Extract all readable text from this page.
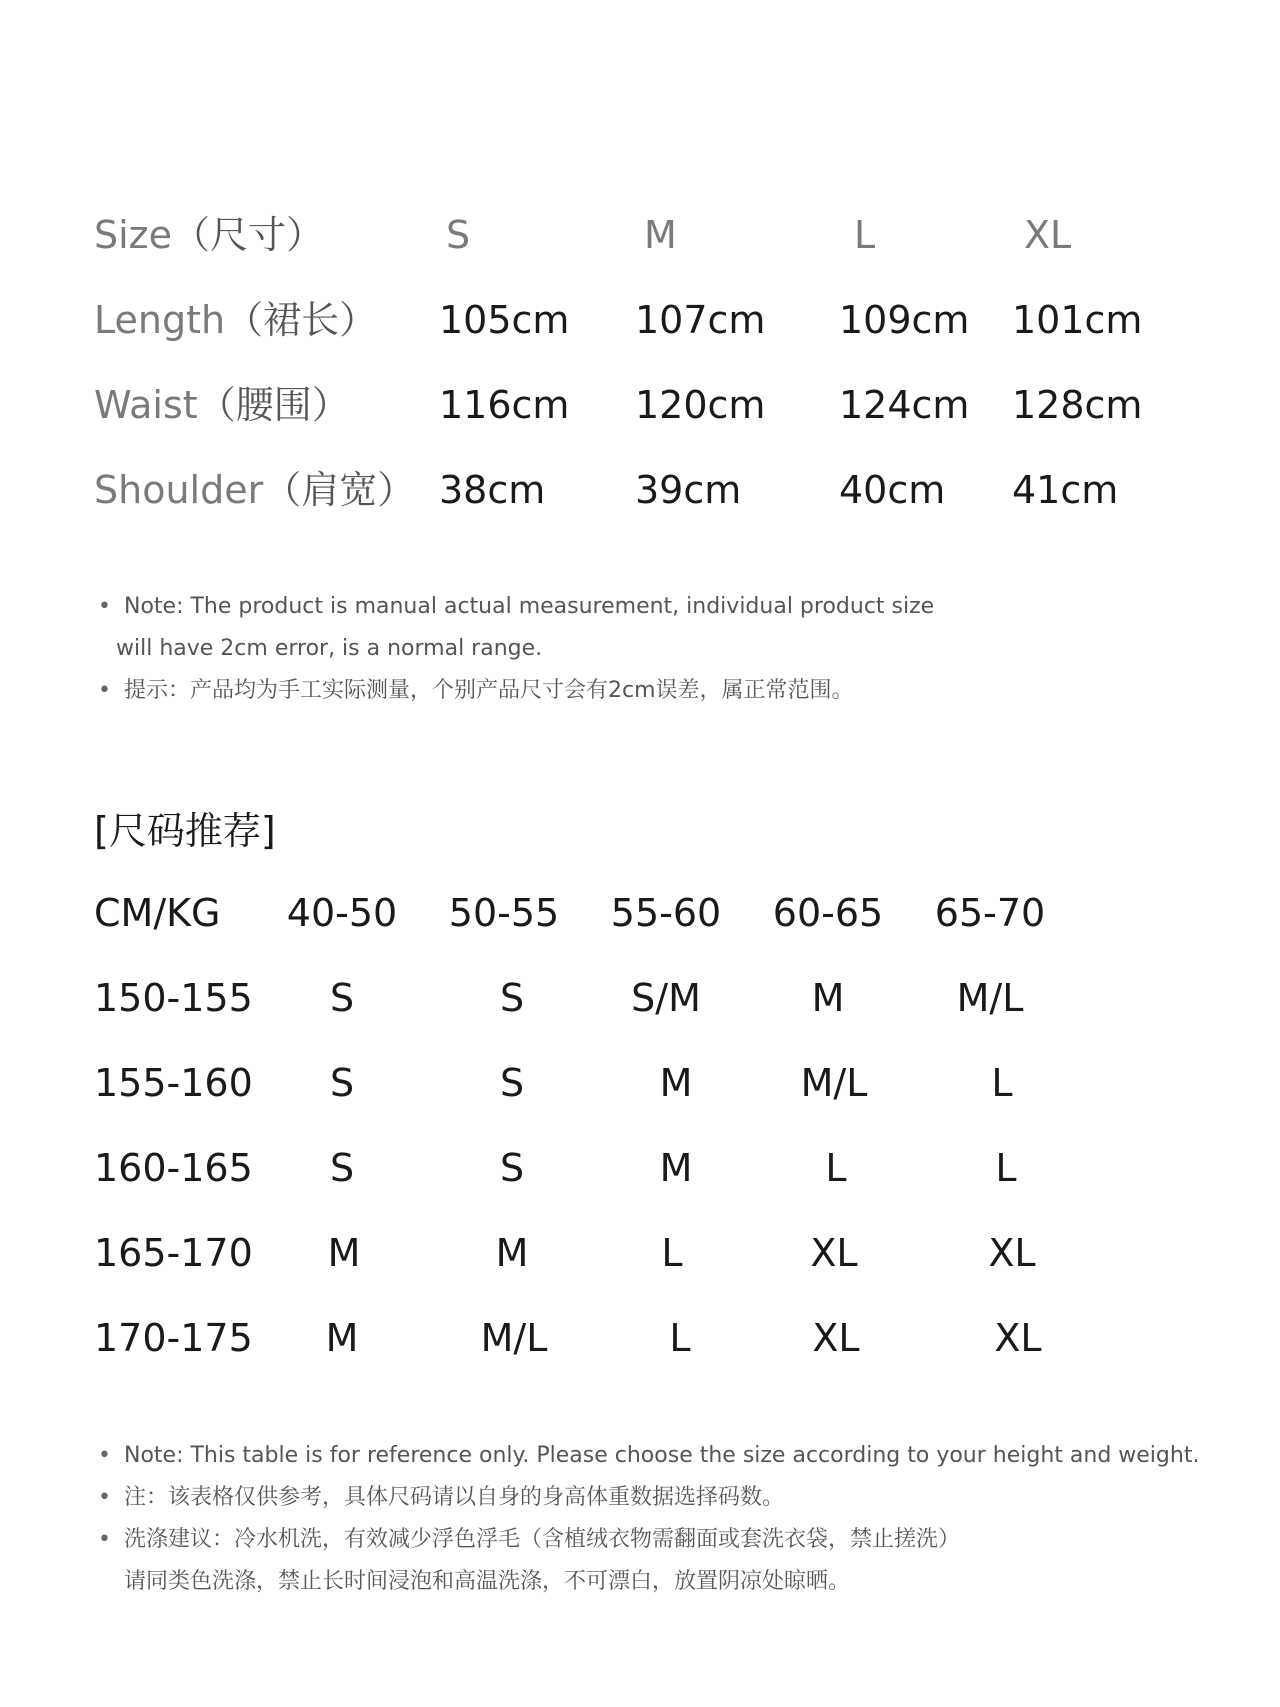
Size（尺寸）	S	M	L	XL
Length（裙长） 105cm 107cm 109cm 101cm
Waist（腰围） 116cm 120cm 124cm 128cm
Shoulder（肩宽） 38cm 39cm	40cm 41cm
• Note: The product is manual actual measurement, individual product size
will have 2cm error, is a normal range.
• 提示：产品均为手工实际测量，个别产品尺寸会有2cm误差，属正常范围。
[尺码推荐]
CM/KG	40-50	50-55	55-60	60-65	65-70
150-155	S	S	S/M	M	M/L
155-160	S	S	M	M/L	L
160-165	S	S	M	L	L
165-170	M	M	L	XL	XL
170-175	M	M/L	L	XL	XL
• Note: This table is for reference only. Please choose the size according to your height and weight.
• 注：该表格仅供参考，具体尺码请以自身的身高体重数据选择码数。
• 洗涤建议：冷水机洗，有效减少浮色浮毛（含植绒衣物需翻面或套洗衣袋，禁止搓洗）
请同类色洗涤，禁止长时间浸泡和高温洗涤，不可漂白，放置阴凉处晾晒。
